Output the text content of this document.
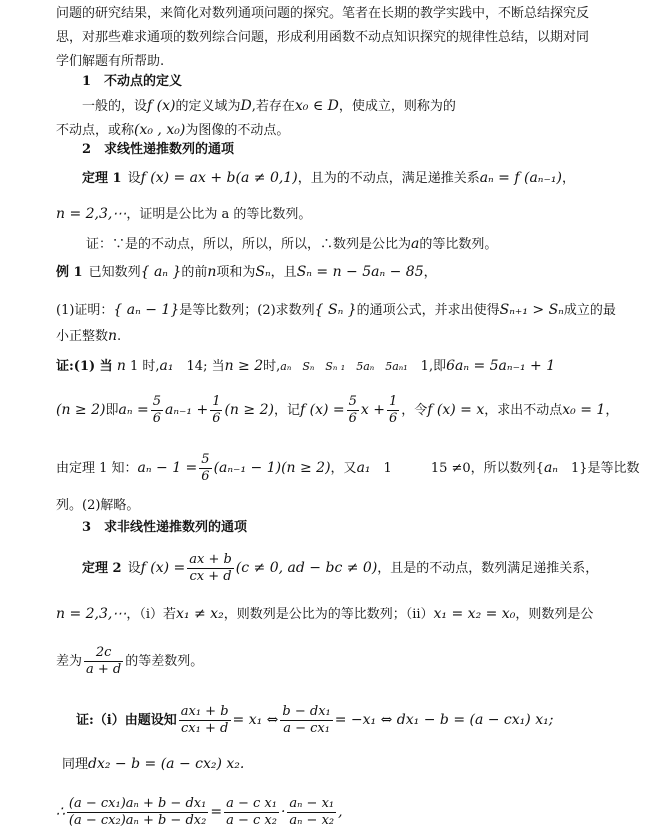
问题的研究结果，来简化对数列通项问题的探究。笔者在长期的教学实践中，不断总结探究反
思，对那些难求通项的数列综合问题，形成利用函数不动点知识探究的规律性总结，以期对同
学们解题有所帮助.
1　不动点的定义
一般的，设f (x)的定义域为D,若存在x₀ ∈ D，使成立，则称为的
不动点，或称(x₀ , x₀)为图像的不动点。
2　求线性递推数列的通项
定理 1 设f (x) = ax + b(a ≠ 0,1)，且为的不动点，满足递推关系aₙ = f (aₙ₋₁)，
n = 2,3,⋯，证明是公比为 a 的等比数列。
证：∵是的不动点，所以，所以，所以，∴数列是公比为a的等比数列。
例 1 已知数列{ aₙ }的前n项和为Sₙ，且Sₙ = n − 5aₙ − 85，
(1)证明：{ aₙ − 1}是等比数列；(2)求数列{ Sₙ }的通项公式，并求出使得Sₙ₊₁ > Sₙ成立的最
小正整数n.
证:(1) 当 n 1 时,a₁　 14; 当n ≥ 2时,aₙ　Sₙ　Sₙ ₁　5aₙ　5aₙ₁　 1,即6aₙ = 5aₙ₋₁ + 1
(n ≥ 2)即$a_n = \frac{5}{6} a_{n-1} + \frac{1}{6} (n \ge 2)$，记f $(x) = \frac{5}{6}$ $x + \frac{1}{6}$ ，令f (x) = x，求出不动点x₀ = 1，
由定理 1 知：$a_n - 1 = \frac{5}{6} (a_{n-1} - 1)(n \ge 2)$，又a₁　 1　　　15 ≠0，所以数列{aₙ　 1}是等比数
列。(2)解略。
3　求非线性递推数列的通项
定理 2 设f $(x) = \frac{ax + b}{cx + d} (c \ne 0$, ad − bc ≠ 0)，且是的不动点，数列满足递推关系，
n = 2,3,⋯，（i）若x₁ ≠ x₂，则数列是公比为的等比数列；（ii）x₁ = x₂ = x₀，则数列是公
差为 $\frac{2c}{a + d}$ 的等差数列。
证:（i）由题设知 $\frac{\text{ax₁ + b}}{\text{cx₁ + d}} = x_1$ ⇔ $\frac{\text{b − dx₁}}{\text{a − cx₁}} = -x_1$ ⇔ dx₁ − b = (a − cx₁) x₁;
同理dx₂ − b = (a − cx₂) x₂.
∴ $\frac{\text{(a − cx₁)aₙ + b − dx₁}}{\text{(a − cx₂)aₙ + b − dx₂}} = \frac{\text{a − c x₁}}{\text{a − c x₂}} \cdot \frac{\text{aₙ − x₁}}{\text{aₙ − x₂}}$ ,
